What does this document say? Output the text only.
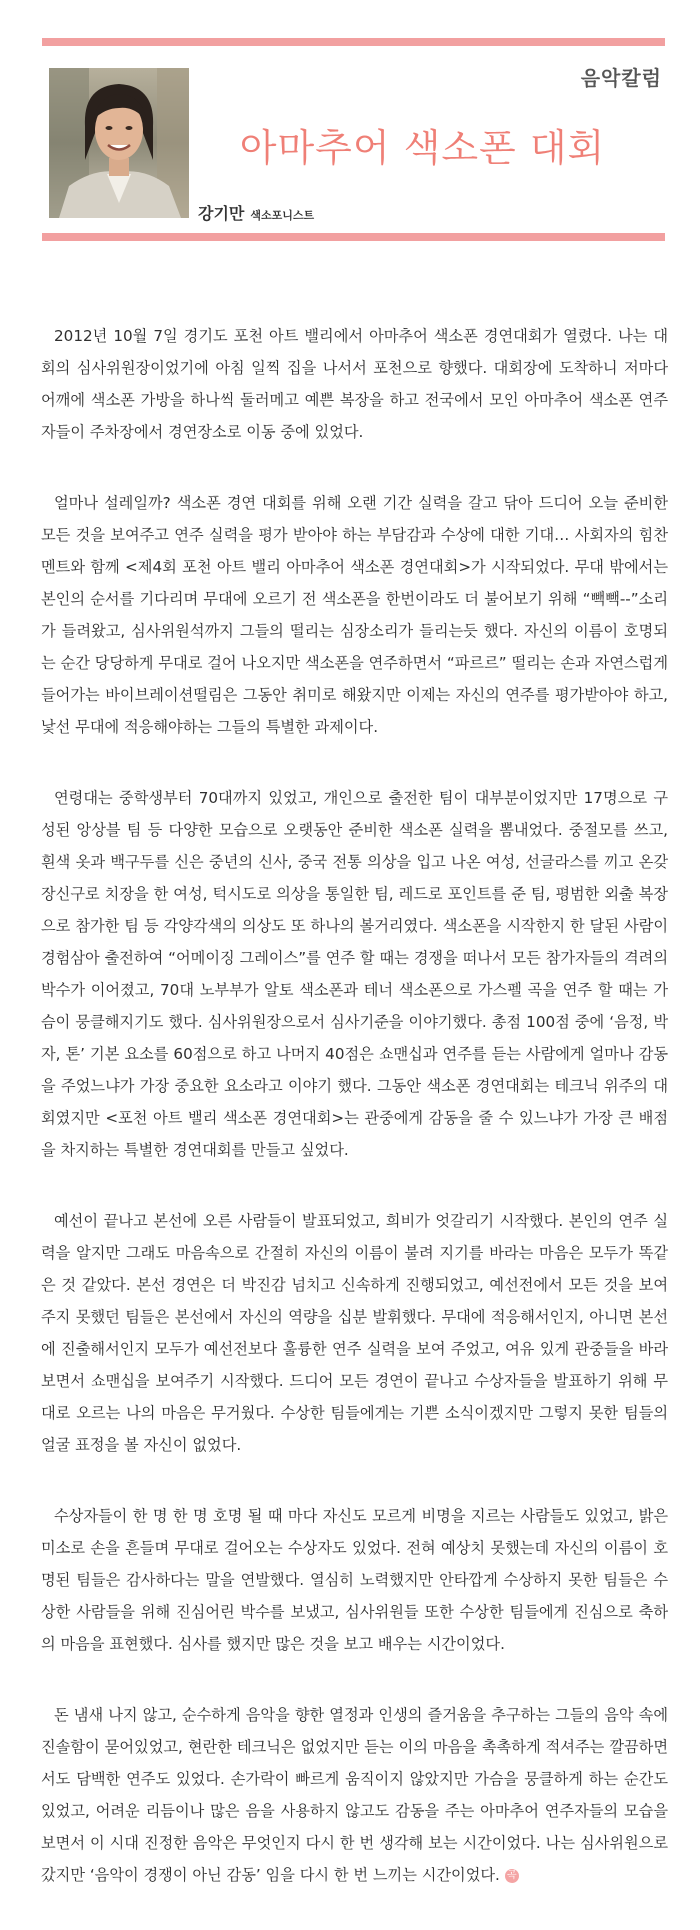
음악칼럼
아마추어 색소폰 대회
강기만 색소포니스트

2012년 10월 7일 경기도 포천 아트 밸리에서 아마추어 색소폰 경연대회가 열렸다. 나는 대회의 심사위원장이었기에 아침 일찍 집을 나서서 포천으로 향했다. 대회장에 도착하니 저마다 어깨에 색소폰 가방을 하나씩 둘러메고 예쁜 복장을 하고 전국에서 모인 아마추어 색소폰 연주자들이 주차장에서 경연장소로 이동 중에 있었다.

얼마나 설레일까? 색소폰 경연 대회를 위해 오랜 기간 실력을 갈고 닦아 드디어 오늘 준비한 모든 것을 보여주고 연주 실력을 평가 받아야 하는 부담감과 수상에 대한 기대… 사회자의 힘찬 멘트와 함께 <제4회 포천 아트 밸리 아마추어 색소폰 경연대회>가 시작되었다. 무대 밖에서는 본인의 순서를 기다리며 무대에 오르기 전 색소폰을 한번이라도 더 불어보기 위해 “빽빽--”소리가 들려왔고, 심사위원석까지 그들의 떨리는 심장소리가 들리는듯 했다. 자신의 이름이 호명되는 순간 당당하게 무대로 걸어 나오지만 색소폰을 연주하면서 “파르르” 떨리는 손과 자연스럽게 들어가는 바이브레이션떨림은 그동안 취미로 해왔지만 이제는 자신의 연주를 평가받아야 하고, 낯선 무대에 적응해야하는 그들의 특별한 과제이다.

연령대는 중학생부터 70대까지 있었고, 개인으로 출전한 팀이 대부분이었지만 17명으로 구성된 앙상블 팀 등 다양한 모습으로 오랫동안 준비한 색소폰 실력을 뽐내었다. 중절모를 쓰고, 흰색 옷과 백구두를 신은 중년의 신사, 중국 전통 의상을 입고 나온 여성, 선글라스를 끼고 온갖 장신구로 치장을 한 여성, 턱시도로 의상을 통일한 팀, 레드로 포인트를 준 팀, 평범한 외출 복장으로 참가한 팀 등 각양각색의 의상도 또 하나의 볼거리였다. 색소폰을 시작한지 한 달된 사람이 경험삼아 출전하여 “어메이징 그레이스”를 연주 할 때는 경쟁을 떠나서 모든 참가자들의 격려의 박수가 이어졌고, 70대 노부부가 알토 색소폰과 테너 색소폰으로 가스펠 곡을 연주 할 때는 가슴이 뭉클해지기도 했다. 심사위원장으로서 심사기준을 이야기했다. 총점 100점 중에 ‘음정, 박자, 톤’ 기본 요소를 60점으로 하고 나머지 40점은 쇼맨십과 연주를 듣는 사람에게 얼마나 감동을 주었느냐가 가장 중요한 요소라고 이야기 했다. 그동안 색소폰 경연대회는 테크닉 위주의 대회였지만 <포천 아트 밸리 색소폰 경연대회>는 관중에게 감동을 줄 수 있느냐가 가장 큰 배점을 차지하는 특별한 경연대회를 만들고 싶었다.

예선이 끝나고 본선에 오른 사람들이 발표되었고, 희비가 엇갈리기 시작했다. 본인의 연주 실력을 알지만 그래도 마음속으로 간절히 자신의 이름이 불려 지기를 바라는 마음은 모두가 똑같은 것 같았다. 본선 경연은 더 박진감 넘치고 신속하게 진행되었고, 예선전에서 모든 것을 보여주지 못했던 팀들은 본선에서 자신의 역량을 십분 발휘했다. 무대에 적응해서인지, 아니면 본선에 진출해서인지 모두가 예선전보다 훌륭한 연주 실력을 보여 주었고, 여유 있게 관중들을 바라보면서 쇼맨십을 보여주기 시작했다. 드디어 모든 경연이 끝나고 수상자들을 발표하기 위해 무대로 오르는 나의 마음은 무거웠다. 수상한 팀들에게는 기쁜 소식이겠지만 그렇지 못한 팀들의 얼굴 표정을 볼 자신이 없었다.

수상자들이 한 명 한 명 호명 될 때 마다 자신도 모르게 비명을 지르는 사람들도 있었고, 밝은 미소로 손을 흔들며 무대로 걸어오는 수상자도 있었다. 전혀 예상치 못했는데 자신의 이름이 호명된 팀들은 감사하다는 말을 연발했다. 열심히 노력했지만 안타깝게 수상하지 못한 팀들은 수상한 사람들을 위해 진심어린 박수를 보냈고, 심사위원들 또한 수상한 팀들에게 진심으로 축하의 마음을 표현했다. 심사를 했지만 많은 것을 보고 배우는 시간이었다.

돈 냄새 나지 않고, 순수하게 음악을 향한 열정과 인생의 즐거움을 추구하는 그들의 음악 속에 진솔함이 묻어있었고, 현란한 테크닉은 없었지만 듣는 이의 마음을 촉촉하게 적셔주는 깔끔하면서도 담백한 연주도 있었다. 손가락이 빠르게 움직이지 않았지만 가슴을 뭉클하게 하는 순간도 있었고, 어려운 리듬이나 많은 음을 사용하지 않고도 감동을 주는 아마추어 연주자들의 모습을 보면서 이 시대 진정한 음악은 무엇인지 다시 한 번 생각해 보는 시간이었다. 나는 심사위원으로 갔지만 ‘음악이 경쟁이 아닌 감동’ 임을 다시 한 번 느끼는 시간이었다. 곡
